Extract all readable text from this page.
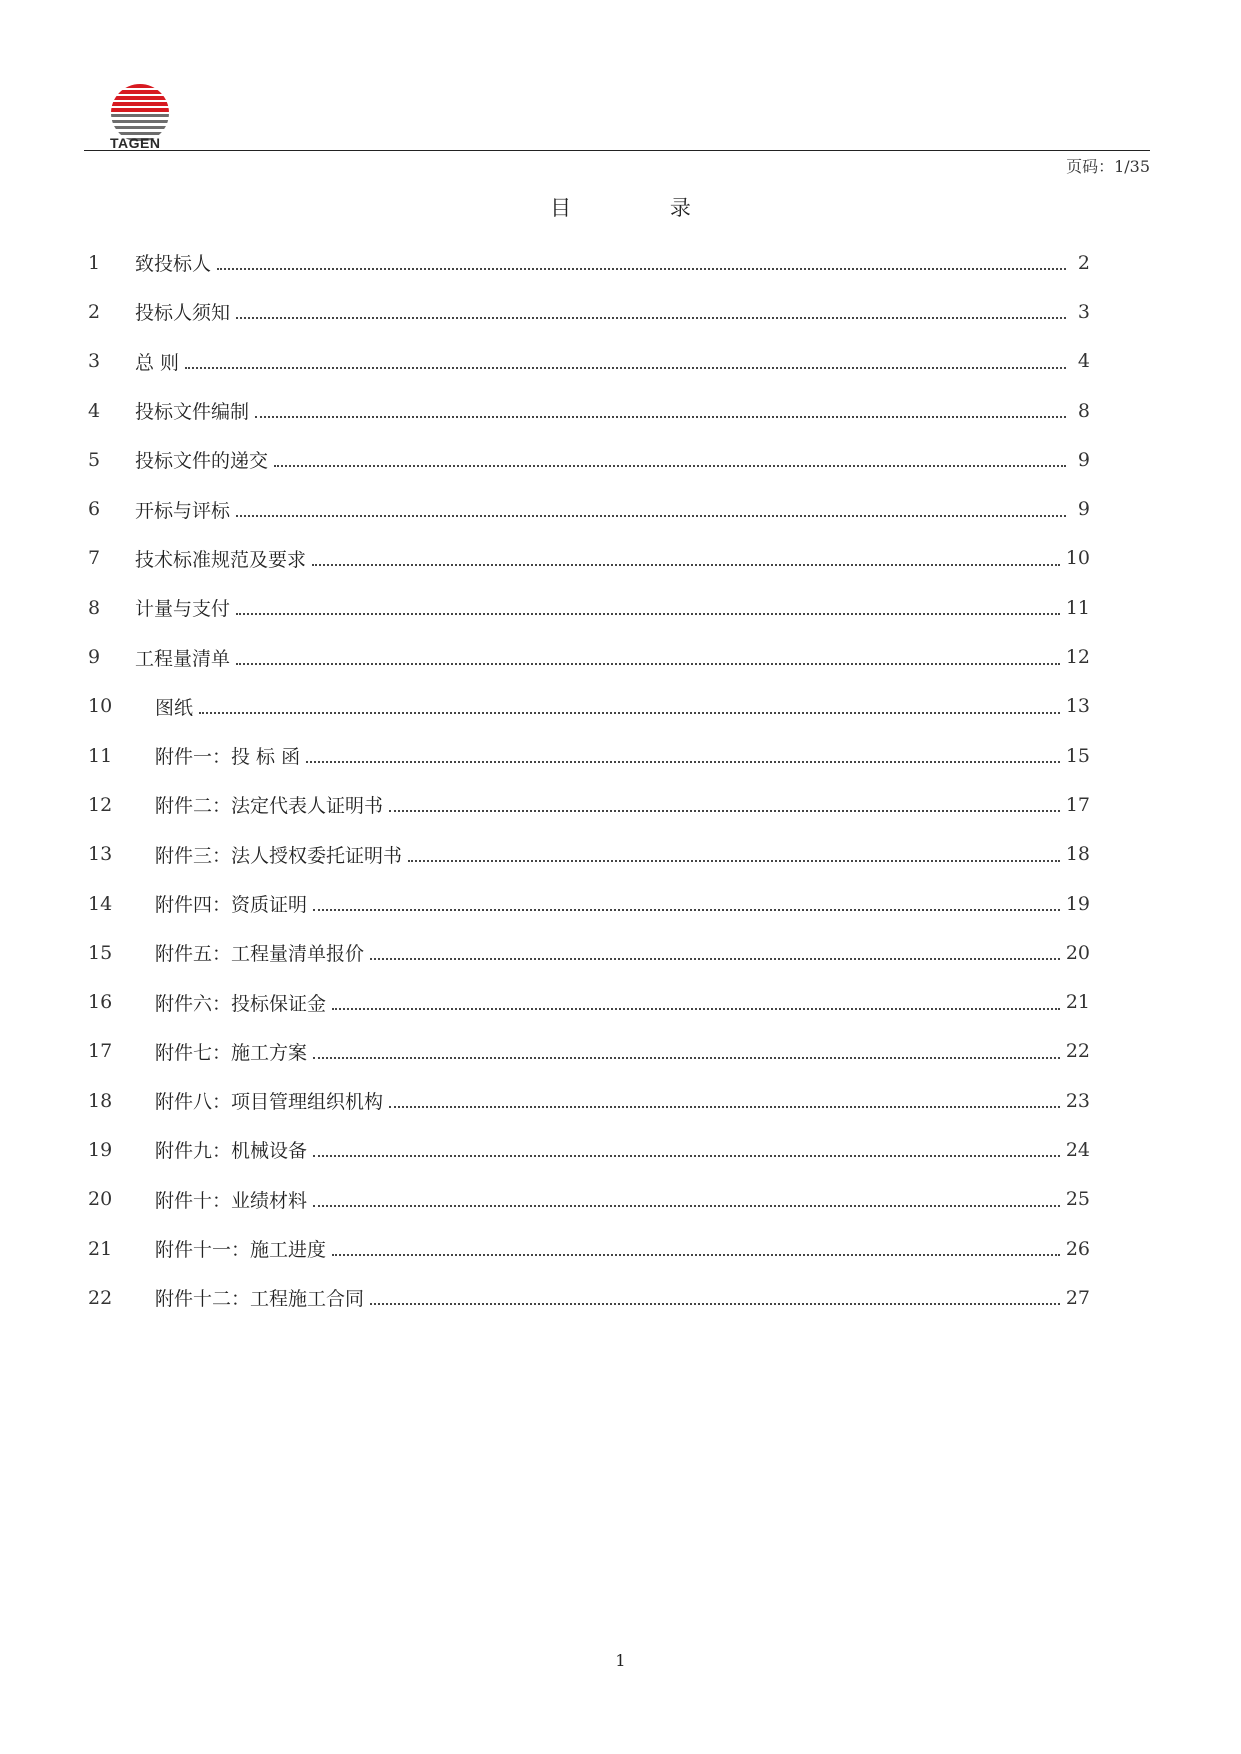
TAGEN
页码：1/35
目 录
1	致投标人	2
2	投标人须知	3
3	总 则	4
4	投标文件编制	8
5	投标文件的递交	9
6	开标与评标	9
7	技术标准规范及要求	10
8	计量与支付	11
9	工程量清单	12
10	图纸	13
11	附件一：投 标 函	15
12	附件二：法定代表人证明书	17
13	附件三：法人授权委托证明书	18
14	附件四：资质证明	19
15	附件五：工程量清单报价	20
16	附件六：投标保证金	21
17	附件七：施工方案	22
18	附件八：项目管理组织机构	23
19	附件九：机械设备	24
20	附件十：业绩材料	25
21	附件十一：施工进度	26
22	附件十二：工程施工合同	27
1
